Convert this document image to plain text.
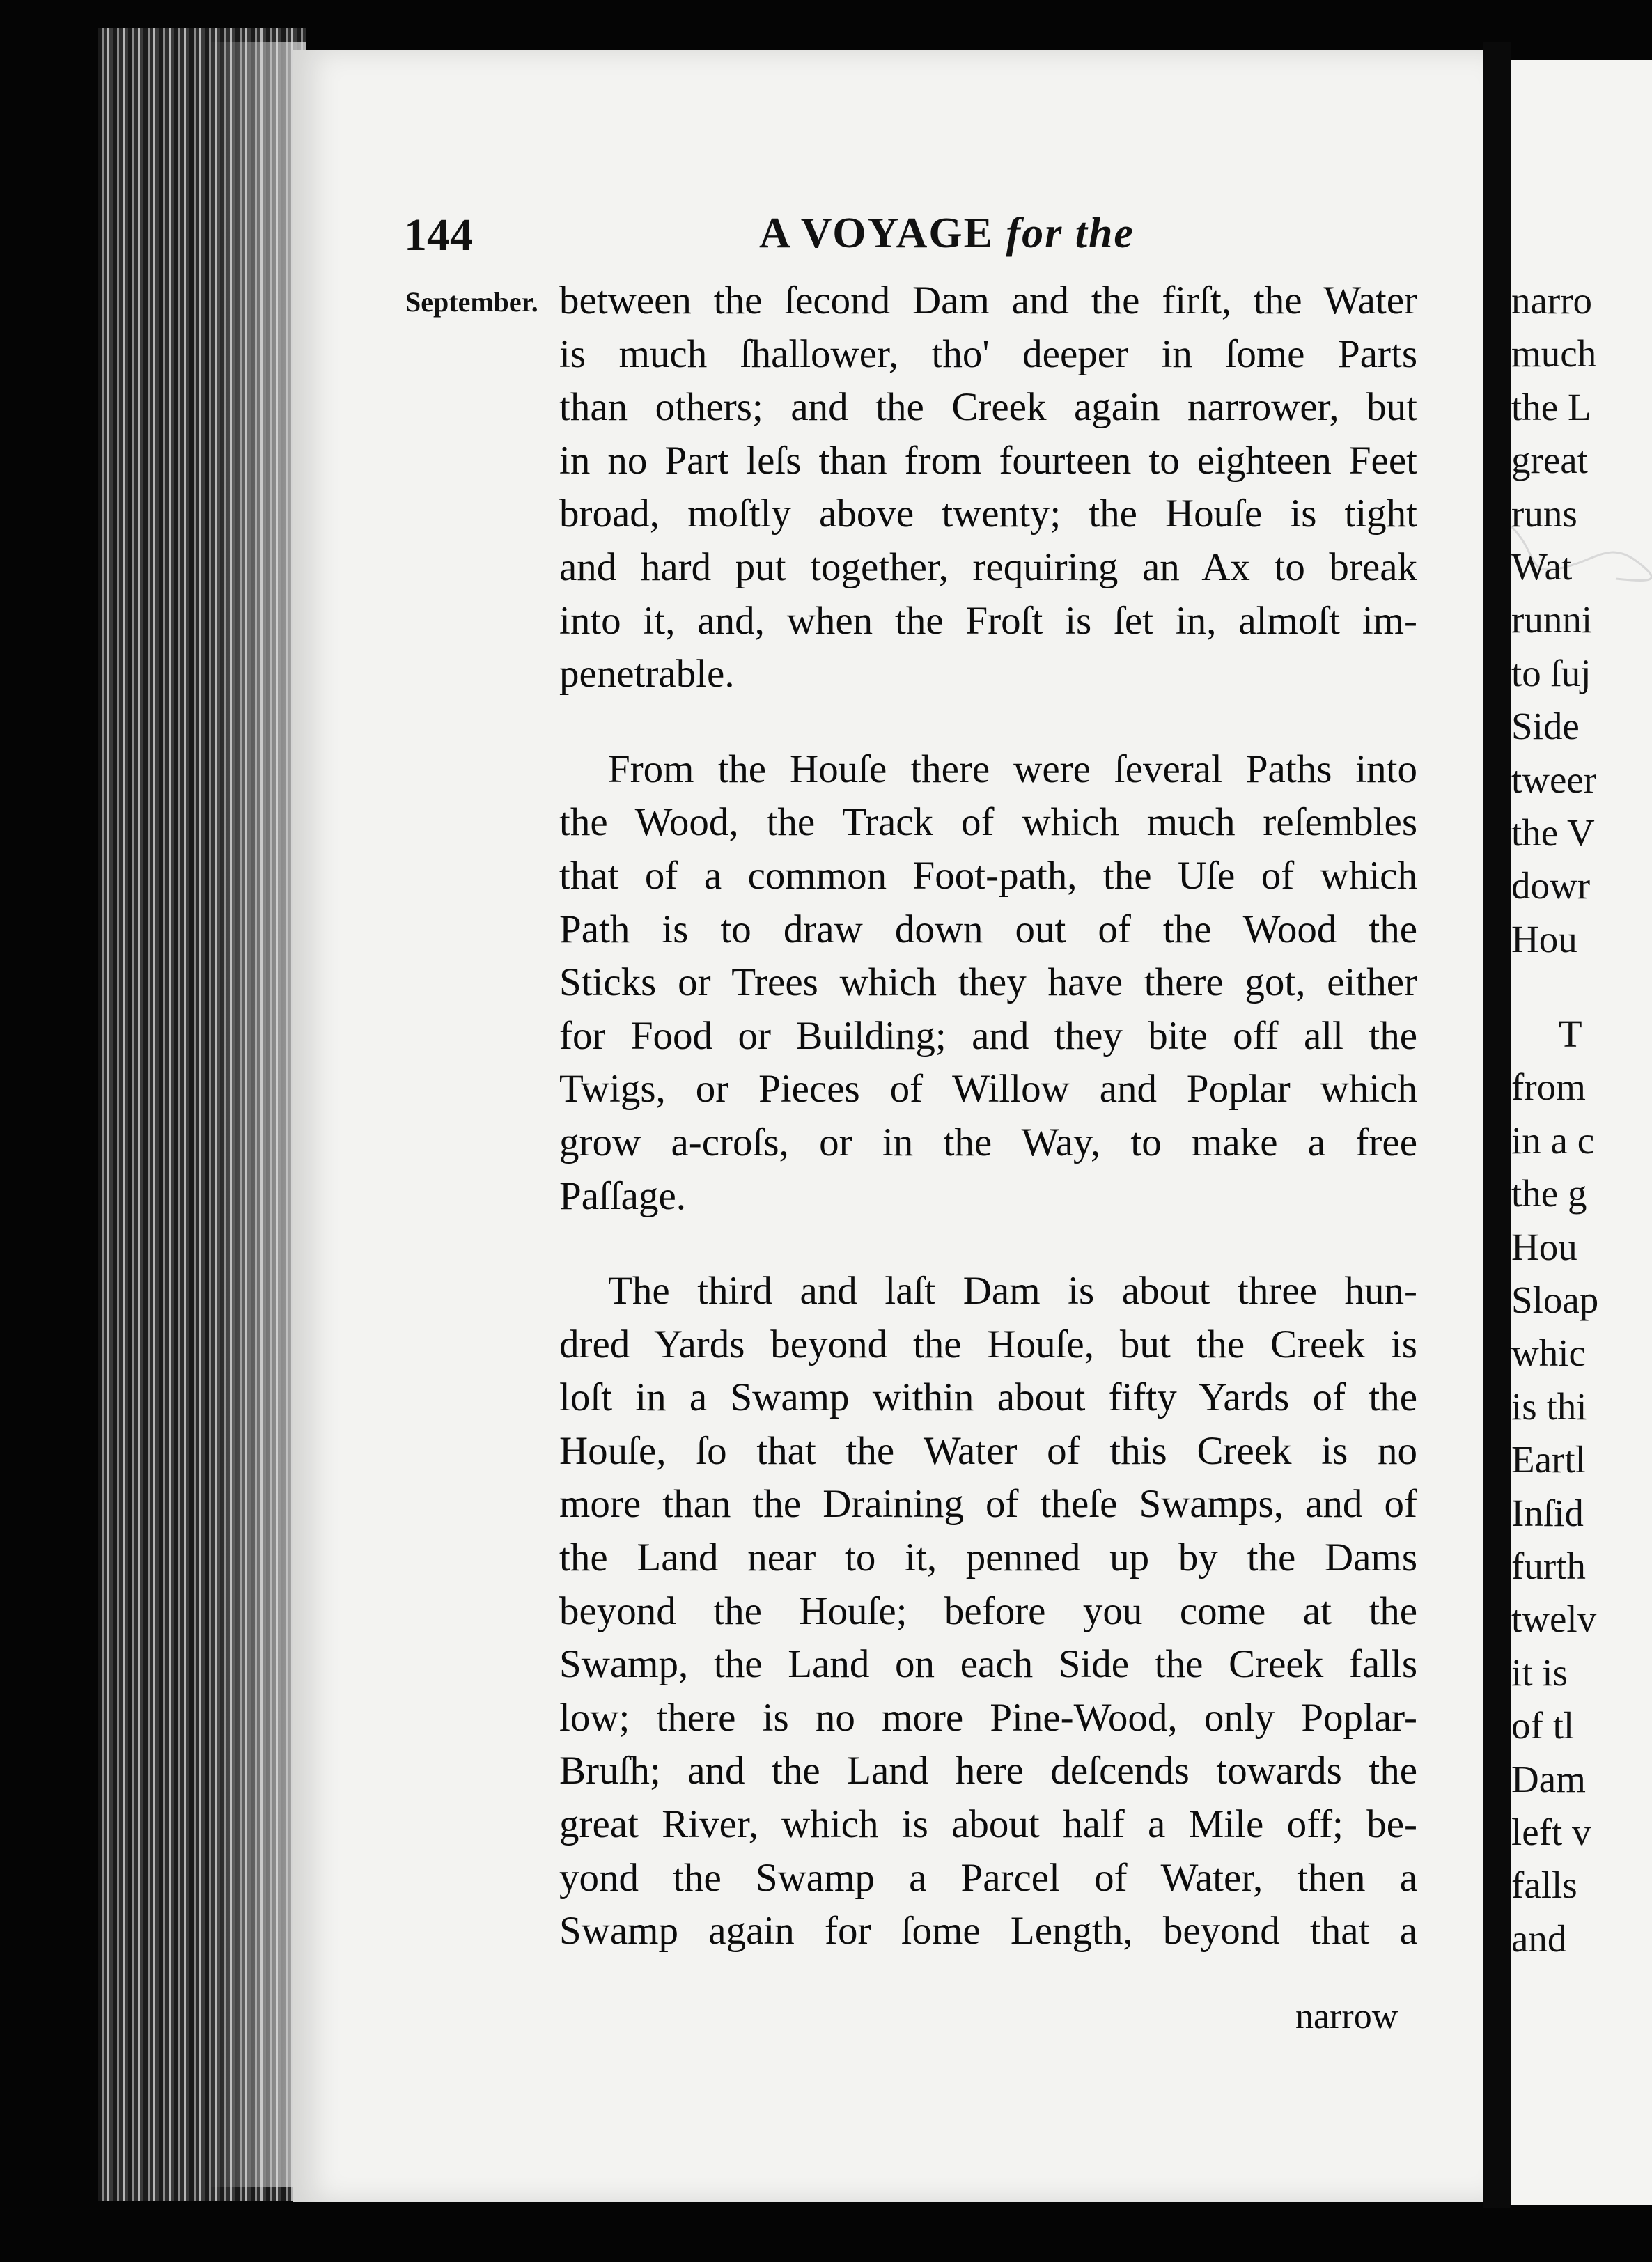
narro
much
the L
great
runs
Wat
runni
to ſuj
Side
tweer
the V
dowr
Hou
T
from
in a c
the g
Hou
Sloap
whic
is thi
Eartl
Inſid
furth
twelv
it is
of tl
Dam
left v
falls
and
144	A VOYAGE for the
September. between the ſecond Dam and the firſt, the Water
is much ſhallower, tho' deeper in ſome Parts
than others; and the Creek again narrower, but
in no Part leſs than from fourteen to eighteen Feet
broad, moſtly above twenty; the Houſe is tight
and hard put together, requiring an Ax to break
into it, and, when the Froſt is ſet in, almoſt im-
penetrable.
From the Houſe there were ſeveral Paths into
the Wood, the Track of which much reſembles
that of a common Foot-path, the Uſe of which
Path is to draw down out of the Wood the
Sticks or Trees which they have there got, either
for Food or Building; and they bite off all the
Twigs, or Pieces of Willow and Poplar which
grow a-croſs, or in the Way, to make a free
Paſſage.
The third and laſt Dam is about three hun-
dred Yards beyond the Houſe, but the Creek is
loſt in a Swamp within about fifty Yards of the
Houſe, ſo that the Water of this Creek is no
more than the Draining of theſe Swamps, and of
the Land near to it, penned up by the Dams
beyond the Houſe; before you come at the
Swamp, the Land on each Side the Creek falls
low; there is no more Pine-Wood, only Poplar-
Bruſh; and the Land here deſcends towards the
great River, which is about half a Mile off; be-
yond the Swamp a Parcel of Water, then a
Swamp again for ſome Length, beyond that a
narrow
